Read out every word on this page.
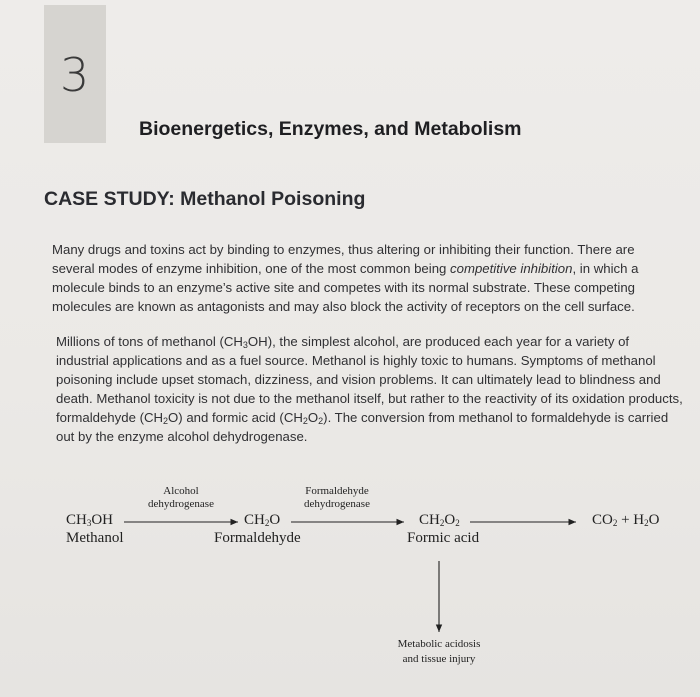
3
Bioenergetics, Enzymes, and Metabolism
CASE STUDY: Methanol Poisoning

Many drugs and toxins act by binding to enzymes, thus altering or inhibiting their function. There are several modes of enzyme inhibition, one of the most common being competitive inhibition, in which a molecule binds to an enzyme’s active site and competes with its normal substrate. These competing molecules are known as antagonists and may also block the activity of receptors on the cell surface.

Millions of tons of methanol $(CH_3OH)$, the simplest alcohol, are produced each year for a variety of industrial applications and as a fuel source. Methanol is highly toxic to humans. Symptoms of methanol poisoning include upset stomach, dizziness, and vision problems. It can ultimately lead to blindness and death. Methanol toxicity is not due to the methanol itself, but rather to the reactivity of its oxidation products, formaldehyde $(CH_2O)$ and formic acid $(CH_2O_2)$. The conversion from methanol to formaldehyde is carried out by the enzyme alcohol dehydrogenase.

$CH_3OH$
Methanol
Alcohol
dehydrogenase
$CH_2O$
Formaldehyde
Formaldehyde
dehydrogenase
$CH_2O_2$
Formic acid
$CO_2 + H_2O$
Metabolic acidosis
and tissue injury
